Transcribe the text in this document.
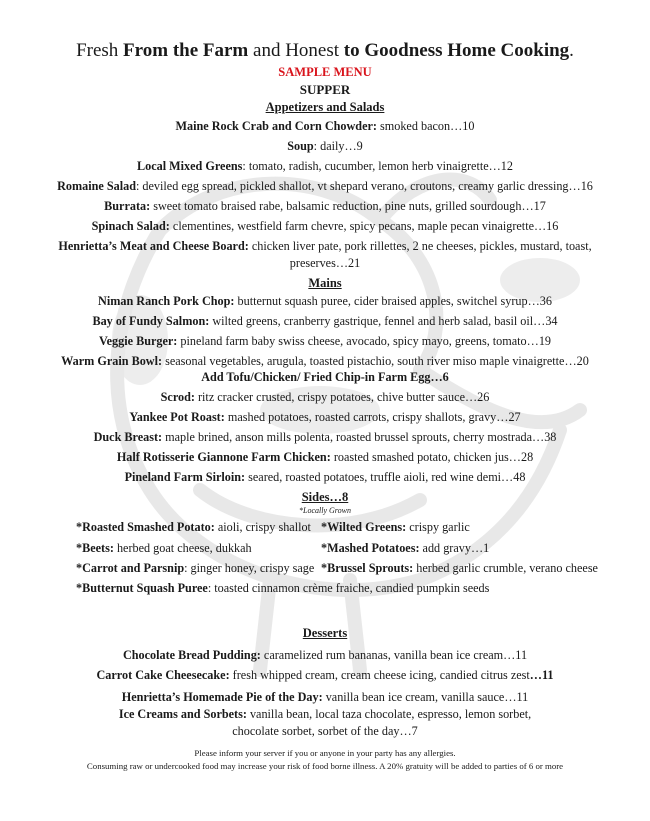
Fresh From the Farm and Honest to Goodness Home Cooking.
SAMPLE MENU
SUPPER
Appetizers and Salads
Maine Rock Crab and Corn Chowder: smoked bacon…10
Soup: daily…9
Local Mixed Greens: tomato, radish, cucumber, lemon herb vinaigrette…12
Romaine Salad: deviled egg spread, pickled shallot, vt shepard verano, croutons, creamy garlic dressing…16
Burrata: sweet tomato braised rabe, balsamic reduction, pine nuts, grilled sourdough…17
Spinach Salad: clementines, westfield farm chevre, spicy pecans, maple pecan vinaigrette…16
Henrietta’s Meat and Cheese Board: chicken liver pate, pork rillettes, 2 ne cheeses, pickles, mustard, toast,
preserves…21
Mains
Niman Ranch Pork Chop: butternut squash puree, cider braised apples, switchel syrup…36
Bay of Fundy Salmon: wilted greens, cranberry gastrique, fennel and herb salad, basil oil…34
Veggie Burger: pineland farm baby swiss cheese, avocado, spicy mayo, greens, tomato…19
Warm Grain Bowl: seasonal vegetables, arugula, toasted pistachio, south river miso maple vinaigrette…20
Add Tofu/Chicken/ Fried Chip-in Farm Egg…6
Scrod: ritz cracker crusted, crispy potatoes, chive butter sauce…26
Yankee Pot Roast: mashed potatoes, roasted carrots, crispy shallots, gravy…27
Duck Breast: maple brined, anson mills polenta, roasted brussel sprouts, cherry mostrada…38
Half Rotisserie Giannone Farm Chicken: roasted smashed potato, chicken jus…28
Pineland Farm Sirloin: seared, roasted potatoes, truffle aioli, red wine demi…48
Sides…8
*Locally Grown
*Roasted Smashed Potato: aioli, crispy shallot *Wilted Greens: crispy garlic
*Beets: herbed goat cheese, dukkah	*Mashed Potatoes: add gravy…1
*Carrot and Parsnip: ginger honey, crispy sage *Brussel Sprouts: herbed garlic crumble, verano cheese
*Butternut Squash Puree: toasted cinnamon crème fraiche, candied pumpkin seeds
Desserts
Chocolate Bread Pudding: caramelized rum bananas, vanilla bean ice cream…11
Carrot Cake Cheesecake: fresh whipped cream, cream cheese icing, candied citrus zest…11
Henrietta’s Homemade Pie of the Day: vanilla bean ice cream, vanilla sauce…11
Ice Creams and Sorbets: vanilla bean, local taza chocolate, espresso, lemon sorbet,
chocolate sorbet, sorbet of the day…7
Please inform your server if you or anyone in your party has any allergies.
Consuming raw or undercooked food may increase your risk of food borne illness. A 20% gratuity will be added to parties of 6 or more
